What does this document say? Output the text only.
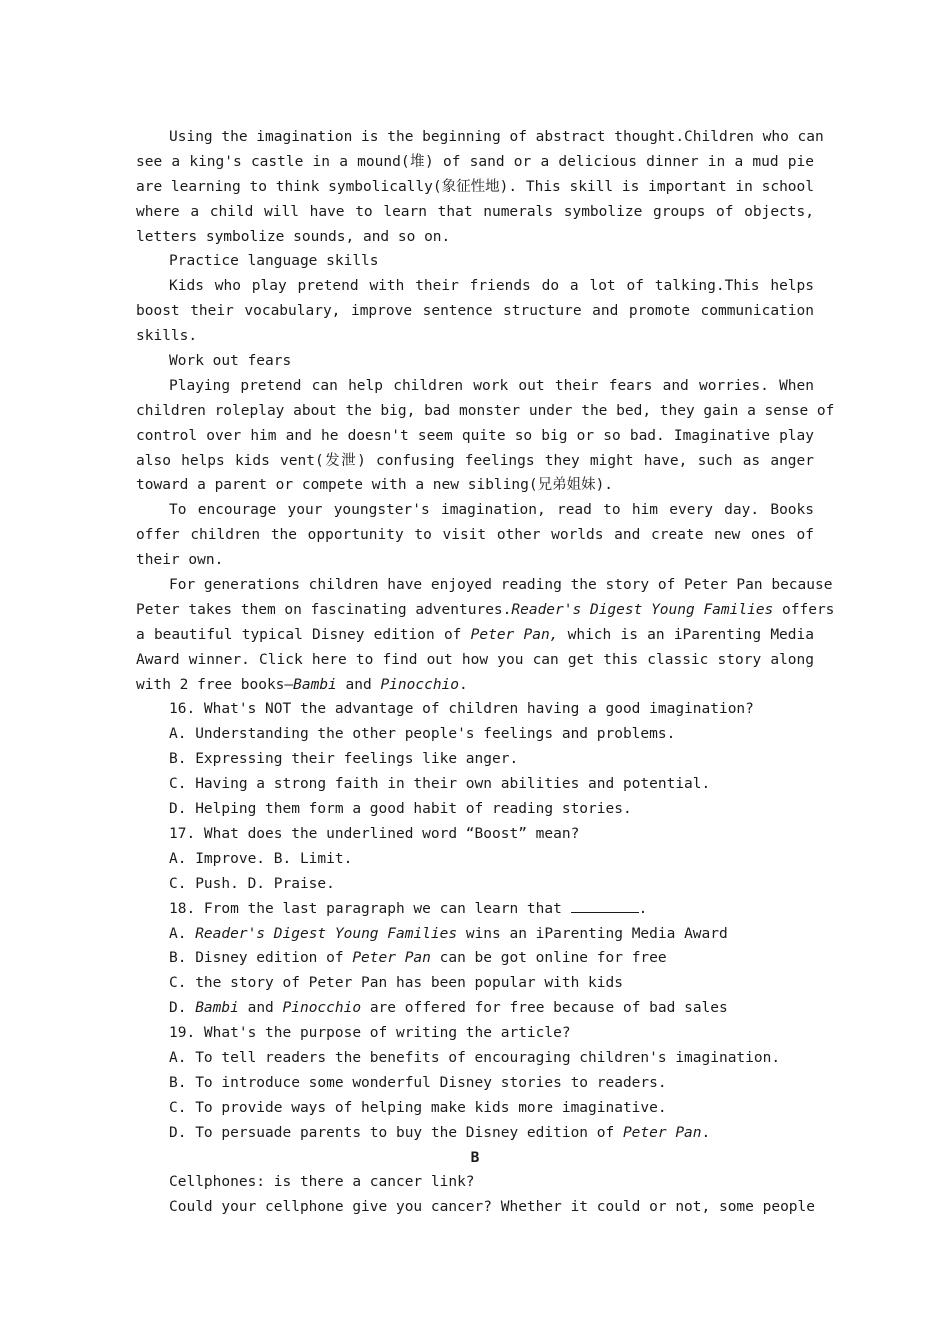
Using the imagination is the beginning of abstract thought.Children who can
see a king's castle in a mound(堆) of sand or a delicious dinner in a mud pie
are learning to think symbolically(象征性地). This skill is important in school
where a child will have to learn that numerals symbolize groups of objects,
letters symbolize sounds, and so on.
Practice language skills
Kids who play pretend with their friends do a lot of talking.This helps
boost their vocabulary, improve sentence structure and promote communication
skills.
Work out fears
Playing pretend can help children work out their fears and worries. When
children roleplay about the big, bad monster under the bed, they gain a sense of
control over him and he doesn't seem quite so big or so bad. Imaginative play
also helps kids vent(发泄) confusing feelings they might have, such as anger
toward a parent or compete with a new sibling(兄弟姐妹).
To encourage your youngster's imagination, read to him every day. Books
offer children the opportunity to visit other worlds and create new ones of
their own.
For generations children have enjoyed reading the story of Peter Pan because
Peter takes them on fascinating adventures.Reader's Digest Young Families offers
a beautiful typical Disney edition of Peter Pan, which is an iParenting Media
Award winner. Click here to find out how you can get this classic story along
with 2 free books—Bambi and Pinocchio.
16. What's NOT the advantage of children having a good imagination?
A. Understanding the other people's feelings and problems.
B. Expressing their feelings like anger.
C. Having a strong faith in their own abilities and potential.
D. Helping them form a good habit of reading stories.
17. What does the underlined word “Boost” mean?
A. Improve. B. Limit.
C. Push. D. Praise.
18. From the last paragraph we can learn that	.
A. Reader's Digest Young Families wins an iParenting Media Award
B. Disney edition of Peter Pan can be got online for free
C. the story of Peter Pan has been popular with kids
D. Bambi and Pinocchio are offered for free because of bad sales
19. What's the purpose of writing the article?
A. To tell readers the benefits of encouraging children's imagination.
B. To introduce some wonderful Disney stories to readers.
C. To provide ways of helping make kids more imaginative.
D. To persuade parents to buy the Disney edition of Peter Pan.
B
Cellphones: is there a cancer link?
Could your cellphone give you cancer? Whether it could or not, some people
